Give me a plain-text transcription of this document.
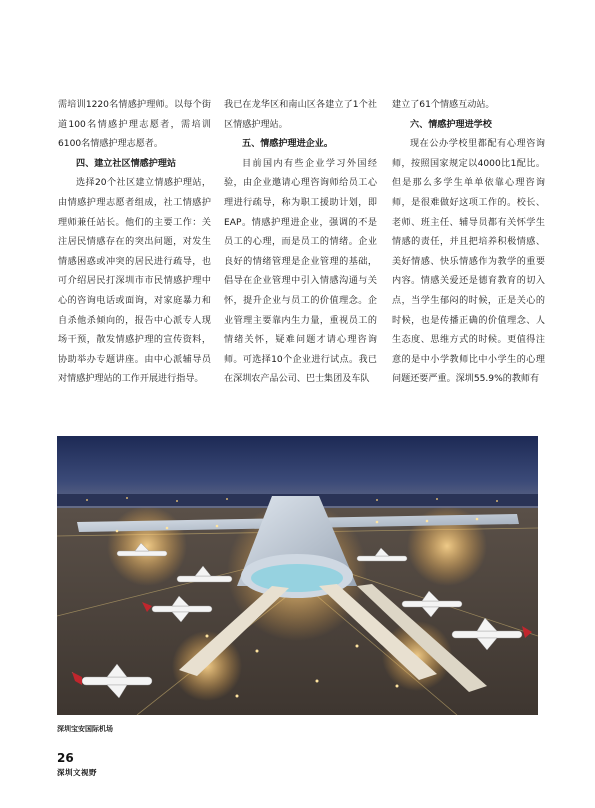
需培训1220名情感护理师。以每个街道100名情感护理志愿者，需培训6100名情感护理志愿者。

四、建立社区情感护理站

选择20个社区建立情感护理站，由情感护理志愿者组成，社工情感护理师兼任站长。他们的主要工作：关注居民情感存在的突出问题，对发生情感困惑或冲突的居民进行疏导，也可介绍居民打深圳市市民情感护理中心的咨询电话或面询，对家庭暴力和自杀他杀倾向的，报告中心派专人现场干预，散发情感护理的宣传资料，协助举办专题讲座。由中心派辅导员对情感护理站的工作开展进行指导。

我已在龙华区和南山区各建立了1个社区情感护理站。

五、情感护理进企业。

目前国内有些企业学习外国经验，由企业邀请心理咨询师给员工心理进行疏导，称为职工援助计划，即EAP。情感护理进企业，强调的不是员工的心理，而是员工的情绪。企业良好的情绪管理是企业管理的基础，倡导在企业管理中引入情感沟通与关怀，提升企业与员工的价值理念。企业管理主要靠内生力量，重视员工的情绪关怀，疑难问题才请心理咨询师。可选择10个企业进行试点。我已在深圳农产品公司、巴士集团及车队

建立了61个情感互动站。

六、情感护理进学校

现在公办学校里都配有心理咨询师，按照国家规定以4000比1配比。但是那么多学生单单依靠心理咨询师，是很难做好这项工作的。校长、老师、班主任、辅导员都有关怀学生情感的责任，并且把培养积极情感、美好情感、快乐情感作为教学的重要内容。情感关爱还是德育教育的切入点，当学生郁闷的时候，正是关心的时候，也是传播正确的价值理念、人生态度、思维方式的时候。更值得注意的是中小学教师比中小学生的心理问题还要严重。深圳55.9%的教师有

深圳宝安国际机场
26
深圳文视野
